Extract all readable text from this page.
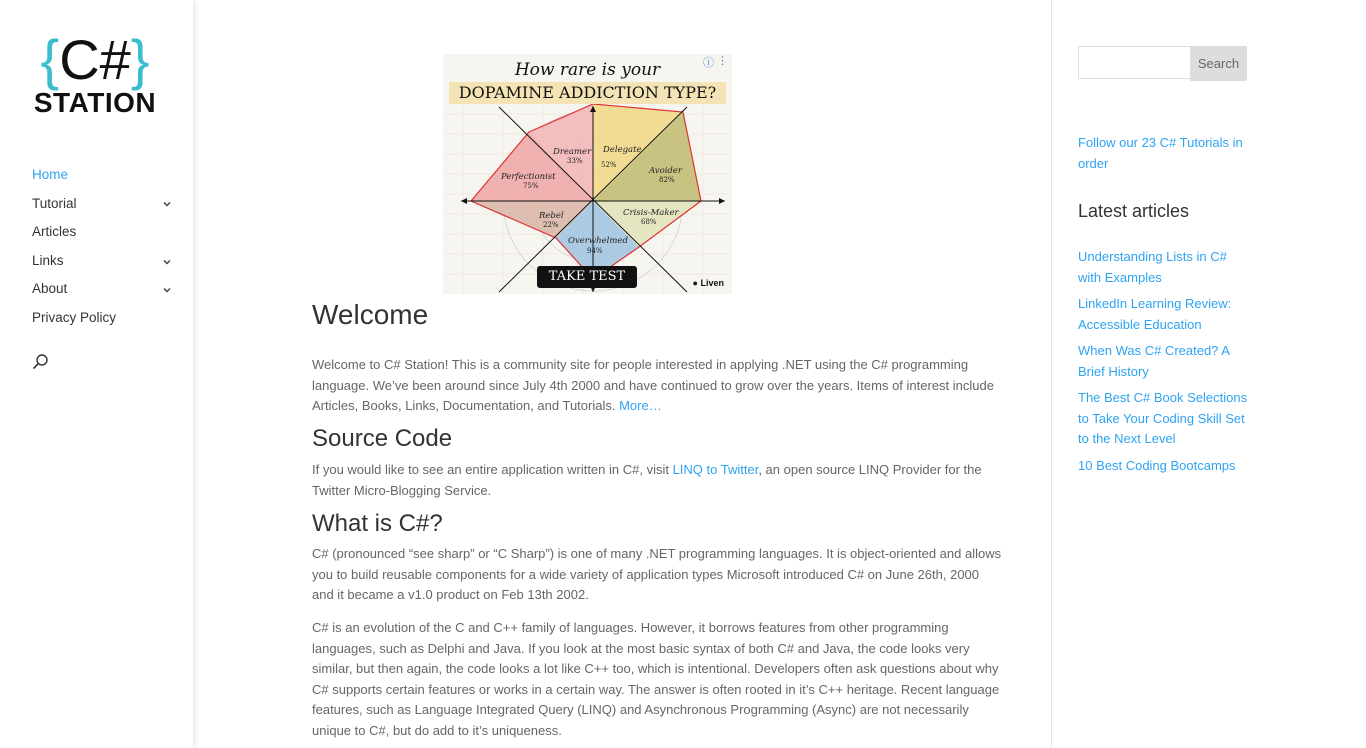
{C#}
STATION
Home
Tutorial
Articles
Links
About
Privacy Policy
Dreamer
33%
Delegate
52%
Perfectionist
75%
Avoider
82%
Rebel
22%
Crisis-Maker
68%
Overwhelmed
94%
How rare is your
DOPAMINE ADDICTION TYPE?
ⓘ ⋮
TAKE TEST	● Liven
Welcome
Welcome to C# Station! This is a community site for people interested in applying .NET using the C# programming language. We’ve been around since July 4th 2000 and have continued to grow over the years. Items of interest include Articles, Books, Links, Documentation, and Tutorials. More…
Source Code
If you would like to see an entire application written in C#, visit LINQ to Twitter, an open source LINQ Provider for the Twitter Micro-Blogging Service.
What is C#?
C# (pronounced “see sharp” or “C Sharp”) is one of many .NET programming languages. It is object-oriented and allows you to build reusable components for a wide variety of application types Microsoft introduced C# on June 26th, 2000 and it became a v1.0 product on Feb 13th 2002.
C# is an evolution of the C and C++ family of languages. However, it borrows features from other programming languages, such as Delphi and Java. If you look at the most basic syntax of both C# and Java, the code looks very similar, but then again, the code looks a lot like C++ too, which is intentional. Developers often ask questions about why C# supports certain features or works in a certain way. The answer is often rooted in it’s C++ heritage. Recent language features, such as Language Integrated Query (LINQ) and Asynchronous Programming (Async) are not necessarily unique to C#, but do add to it’s uniqueness.
Search
Follow our 23 C# Tutorials in order
Latest articles
Understanding Lists in C# with Examples
LinkedIn Learning Review: Accessible Education
When Was C# Created? A Brief History
The Best C# Book Selections to Take Your Coding Skill Set to the Next Level
10 Best Coding Bootcamps
